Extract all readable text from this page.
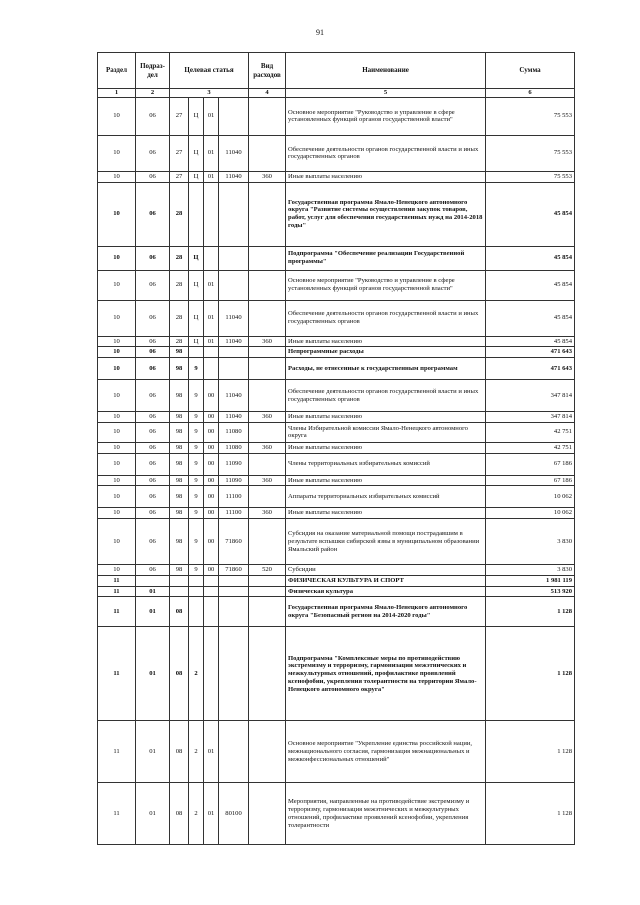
91
Раздел	Подраз-дел	Целевая статья				Вид расходов	Наименование	Сумма
1	2	3				4	5	6
10	06	27	Ц	01			Основное мероприятие "Руководство и управление в сфере установленных функций органов государственной власти"	75 553
10	06	27	Ц	01	11040		Обеспечение деятельности органов государственной власти и иных государственных органов	75 553
10	06	27	Ц	01	11040	360	Иные выплаты населению	75 553
10	06	28					Государственная программа Ямало-Ненецкого автономного округа "Развитие системы осуществления закупок товаров, работ, услуг для обеспечения государственных нужд на 2014-2018 годы"	45 854
10	06	28	Ц				Подпрограмма "Обеспечение реализации Государственной программы"	45 854
10	06	28	Ц	01			Основное мероприятие "Руководство и управление в сфере установленных функций органов государственной власти"	45 854
10	06	28	Ц	01	11040		Обеспечение деятельности органов государственной власти и иных государственных органов	45 854
10	06	28	Ц	01	11040	360	Иные выплаты населению	45 854
10	06	98					Непрограммные расходы	471 643
10	06	98	9				Расходы, не отнесенные к государственным программам	471 643
10	06	98	9	00	11040		Обеспечение деятельности органов государственной власти и иных государственных органов	347 814
10	06	98	9	00	11040	360	Иные выплаты населению	347 814
10	06	98	9	00	11080		Члены Избирательной комиссии Ямало-Ненецкого автономного округа	42 751
10	06	98	9	00	11080	360	Иные выплаты населению	42 751
10	06	98	9	00	11090		Члены территориальных избирательных комиссий	67 186
10	06	98	9	00	11090	360	Иные выплаты населению	67 186
10	06	98	9	00	11100		Аппараты территориальных избирательных комиссий	10 062
10	06	98	9	00	11100	360	Иные выплаты населению	10 062
10	06	98	9	00	71860		Субсидия на оказание материальной помощи пострадавшим в результате вспышки сибирской язвы в муниципальном образовании Ямальский район	3 830
10	06	98	9	00	71860	520	Субсидии	3 830
11							ФИЗИЧЕСКАЯ КУЛЬТУРА И СПОРТ	1 981 119
11	01						Физическая культура	513 920
11	01	08					Государственная программа Ямало-Ненецкого автономного округа "Безопасный регион на 2014-2020 годы"	1 128
11	01	08	2				Подпрограмма "Комплексные меры по противодействию экстремизму и терроризму, гармонизации межэтнических и межкультурных отношений, профилактике проявлений ксенофобии, укрепления толерантности на территории Ямало-Ненецкого автономного округа"	1 128
11	01	08	2	01			Основное мероприятие "Укрепление единства российской нации, межнационального согласия, гармонизация межнациональных и межконфессиональных отношений"	1 128
11	01	08	2	01	80100		Мероприятия, направленные на противодействие экстремизму и терроризму, гармонизация межэтнических и межкультурных отношений, профилактике проявлений ксенофобии, укрепления толерантности	1 128
